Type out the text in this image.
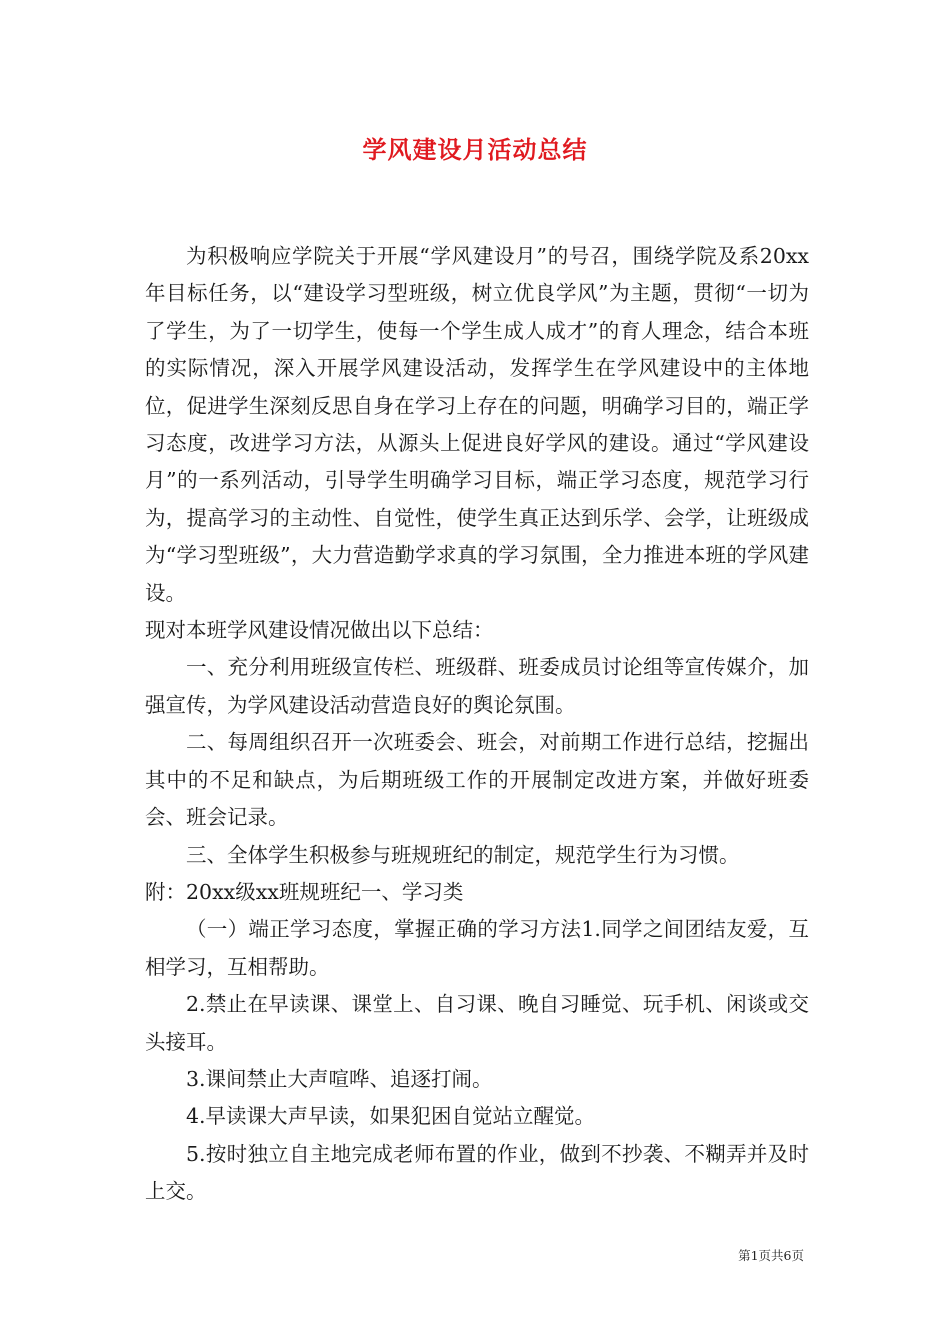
学风建设月活动总结

为积极响应学院关于开展“学风建设月”的号召，围绕学院及系20xx年目标任务，以“建设学习型班级，树立优良学风”为主题，贯彻“一切为了学生，为了一切学生，使每一个学生成人成才”的育人理念，结合本班的实际情况，深入开展学风建设活动，发挥学生在学风建设中的主体地位，促进学生深刻反思自身在学习上存在的问题，明确学习目的，端正学习态度，改进学习方法，从源头上促进良好学风的建设。通过“学风建设月”的一系列活动，引导学生明确学习目标，端正学习态度，规范学习行为，提高学习的主动性、自觉性，使学生真正达到乐学、会学，让班级成为“学习型班级”，大力营造勤学求真的学习氛围，全力推进本班的学风建设。

现对本班学风建设情况做出以下总结：

一、充分利用班级宣传栏、班级群、班委成员讨论组等宣传媒介，加强宣传，为学风建设活动营造良好的舆论氛围。

二、每周组织召开一次班委会、班会，对前期工作进行总结，挖掘出其中的不足和缺点，为后期班级工作的开展制定改进方案，并做好班委会、班会记录。

三、全体学生积极参与班规班纪的制定，规范学生行为习惯。

附：20xx级xx班规班纪一、学习类

（一）端正学习态度，掌握正确的学习方法1.同学之间团结友爱，互相学习，互相帮助。

2.禁止在早读课、课堂上、自习课、晚自习睡觉、玩手机、闲谈或交头接耳。

3.课间禁止大声喧哗、追逐打闹。

4.早读课大声早读，如果犯困自觉站立醒觉。

5.按时独立自主地完成老师布置的作业，做到不抄袭、不糊弄并及时上交。

第1页共6页
